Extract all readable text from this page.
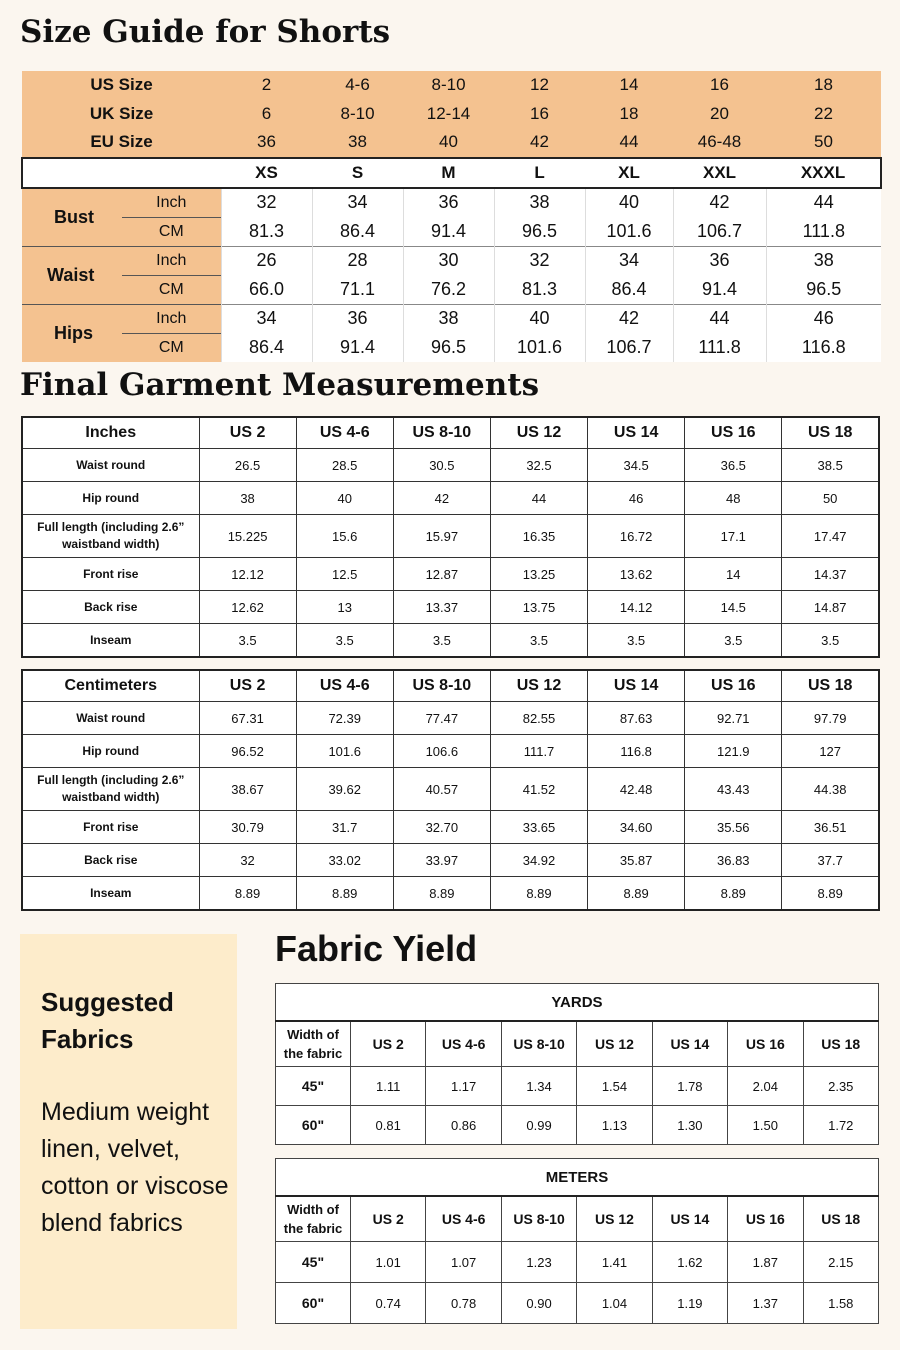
Size Guide for Shorts
US Size		2	4-6	8-10	12	14	16	18
UK Size		6	8-10	12-14	16	18	20	22
EU Size		36	38	40	42	44	46-48	50
		XS	S	M	L	XL	XXL	XXXL
Bust	Inch	32	34	36	38	40	42	44
	CM	81.3	86.4	91.4	96.5	101.6	106.7	111.8
Waist	Inch	26	28	30	32	34	36	38
	CM	66.0	71.1	76.2	81.3	86.4	91.4	96.5
Hips	Inch	34	36	38	40	42	44	46
	CM	86.4	91.4	96.5	101.6	106.7	111.8	116.8
Final Garment Measurements
Inches	US 2	US 4-6	US 8-10	US 12	US 14	US 16	US 18
Waist round	26.5	28.5	30.5	32.5	34.5	36.5	38.5
Hip round	38	40	42	44	46	48	50
Full length (including 2.6” waistband width)	15.225	15.6	15.97	16.35	16.72	17.1	17.47
Front rise	12.12	12.5	12.87	13.25	13.62	14	14.37
Back rise	12.62	13	13.37	13.75	14.12	14.5	14.87
Inseam	3.5	3.5	3.5	3.5	3.5	3.5	3.5
Centimeters	US 2	US 4-6	US 8-10	US 12	US 14	US 16	US 18
Waist round	67.31	72.39	77.47	82.55	87.63	92.71	97.79
Hip round	96.52	101.6	106.6	111.7	116.8	121.9	127
Full length (including 2.6” waistband width)	38.67	39.62	40.57	41.52	42.48	43.43	44.38
Front rise	30.79	31.7	32.70	33.65	34.60	35.56	36.51
Back rise	32	33.02	33.97	34.92	35.87	36.83	37.7
Inseam	8.89	8.89	8.89	8.89	8.89	8.89	8.89

Suggested Fabrics

Medium weight linen, velvet, cotton or viscose blend fabrics

Fabric Yield
YARDS							
Width of the fabric	US 2	US 4-6	US 8-10	US 12	US 14	US 16	US 18
45"	1.11	1.17	1.34	1.54	1.78	2.04	2.35
60"	0.81	0.86	0.99	1.13	1.30	1.50	1.72
METERS							
Width of the fabric	US 2	US 4-6	US 8-10	US 12	US 14	US 16	US 18
45"	1.01	1.07	1.23	1.41	1.62	1.87	2.15
60"	0.74	0.78	0.90	1.04	1.19	1.37	1.58
